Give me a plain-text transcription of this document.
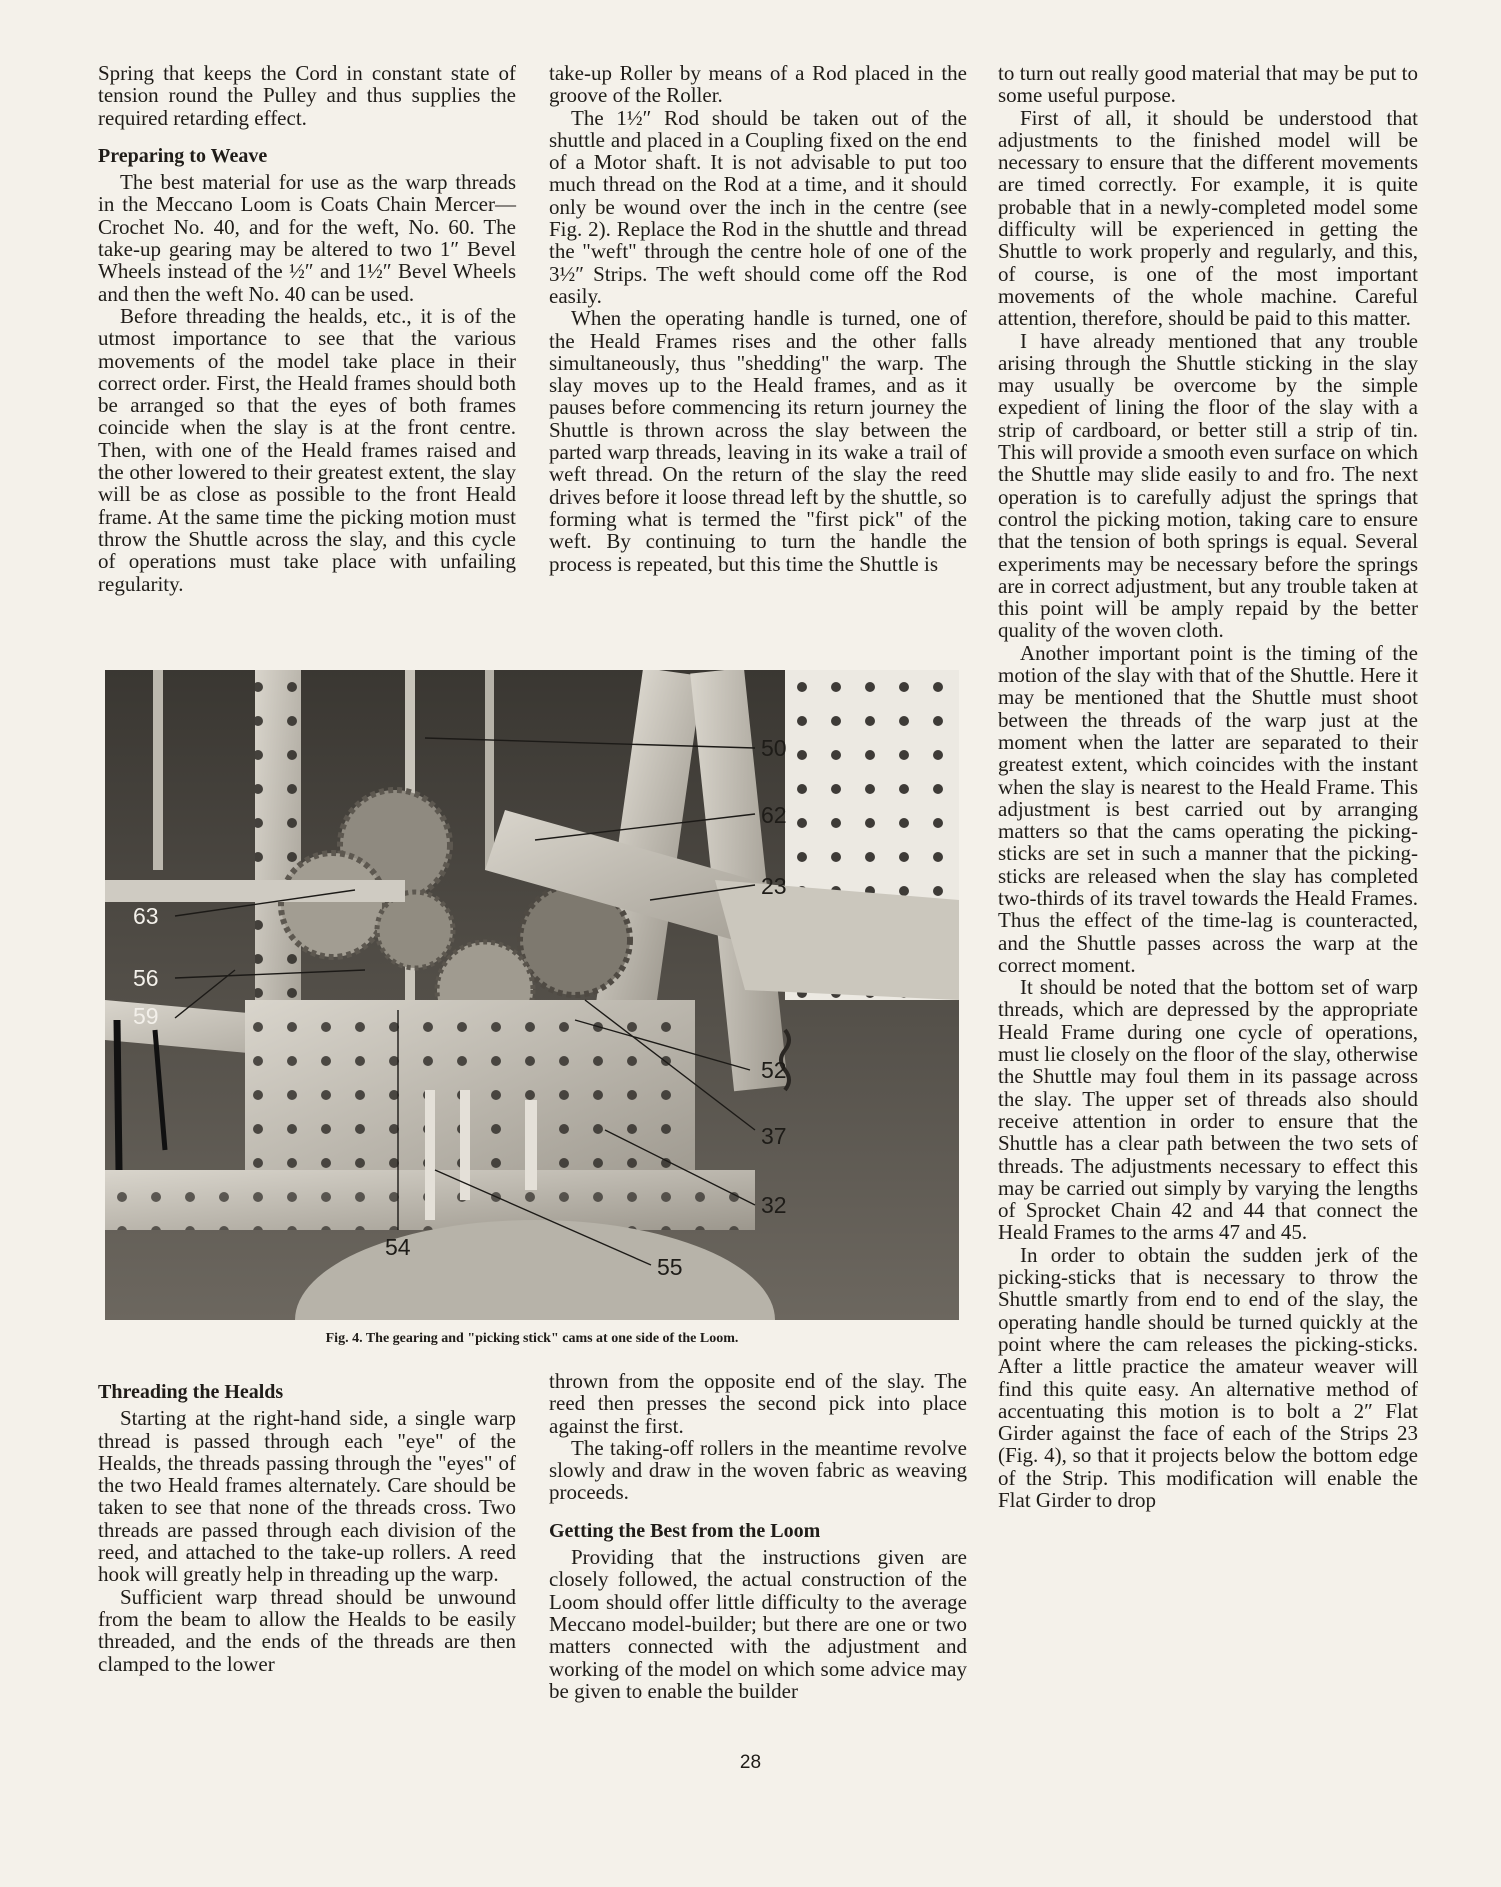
Spring that keeps the Cord in constant state of tension round the Pulley and thus supplies the required retarding effect.

Preparing to Weave

The best material for use as the warp threads in the Meccano Loom is Coats Chain Mercer—Crochet No. 40, and for the weft, No. 60. The take-up gearing may be altered to two 1″ Bevel Wheels instead of the ½″ and 1½″ Bevel Wheels and then the weft No. 40 can be used.

Before threading the healds, etc., it is of the utmost importance to see that the various movements of the model take place in their correct order. First, the Heald frames should both be arranged so that the eyes of both frames coincide when the slay is at the front centre. Then, with one of the Heald frames raised and the other lowered to their greatest extent, the slay will be as close as possible to the front Heald frame. At the same time the picking motion must throw the Shuttle across the slay, and this cycle of operations must take place with unfailing regularity.

take-up Roller by means of a Rod placed in the groove of the Roller.

The 1½″ Rod should be taken out of the shuttle and placed in a Coupling fixed on the end of a Motor shaft. It is not advisable to put too much thread on the Rod at a time, and it should only be wound over the inch in the centre (see Fig. 2). Replace the Rod in the shuttle and thread the "weft" through the centre hole of one of the 3½″ Strips. The weft should come off the Rod easily.

When the operating handle is turned, one of the Heald Frames rises and the other falls simultaneously, thus "shedding" the warp. The slay moves up to the Heald frames, and as it pauses before commencing its return journey the Shuttle is thrown across the slay between the parted warp threads, leaving in its wake a trail of weft thread. On the return of the slay the reed drives before it loose thread left by the shuttle, so forming what is termed the "first pick" of the weft. By continuing to turn the handle the process is repeated, but this time the Shuttle is

to turn out really good material that may be put to some useful purpose.

First of all, it should be understood that adjustments to the finished model will be necessary to ensure that the different movements are timed correctly. For example, it is quite probable that in a newly-completed model some difficulty will be experienced in getting the Shuttle to work properly and regularly, and this, of course, is one of the most important movements of the whole machine. Careful attention, therefore, should be paid to this matter.

I have already mentioned that any trouble arising through the Shuttle sticking in the slay may usually be overcome by the simple expedient of lining the floor of the slay with a strip of cardboard, or better still a strip of tin. This will provide a smooth even surface on which the Shuttle may slide easily to and fro. The next operation is to carefully adjust the springs that control the picking motion, taking care to ensure that the tension of both springs is equal. Several experiments may be necessary before the springs are in correct adjustment, but any trouble taken at this point will be amply repaid by the better quality of the woven cloth.

Another important point is the timing of the motion of the slay with that of the Shuttle. Here it may be mentioned that the Shuttle must shoot between the threads of the warp just at the moment when the latter are separated to their greatest extent, which coincides with the instant when the slay is nearest to the Heald Frame. This adjustment is best carried out by arranging matters so that the cams operating the picking-sticks are set in such a manner that the picking-sticks are released when the slay has completed two-thirds of its travel towards the Heald Frames. Thus the effect of the time-lag is counteracted, and the Shuttle passes across the warp at the correct moment.

It should be noted that the bottom set of warp threads, which are depressed by the appropriate Heald Frame during one cycle of operations, must lie closely on the floor of the slay, otherwise the Shuttle may foul them in its passage across the slay. The upper set of threads also should receive attention in order to ensure that the Shuttle has a clear path between the two sets of threads. The adjustments necessary to effect this may be carried out simply by varying the lengths of Sprocket Chain 42 and 44 that connect the Heald Frames to the arms 47 and 45.

In order to obtain the sudden jerk of the picking-sticks that is necessary to throw the Shuttle smartly from end to end of the slay, the operating handle should be turned quickly at the point where the cam releases the picking-sticks. After a little practice the amateur weaver will find this quite easy. An alternative method of accentuating this motion is to bolt a 2″ Flat Girder against the face of each of the Strips 23 (Fig. 4), so that it projects below the bottom edge of the Strip. This modification will enable the Flat Girder to drop

50
62
23
63
56
59
52
37
32
54
55
Fig. 4. The gearing and "picking stick" cams at one side of the Loom.
Threading the Healds

Starting at the right-hand side, a single warp thread is passed through each "eye" of the Healds, the threads passing through the "eyes" of the two Heald frames alternately. Care should be taken to see that none of the threads cross. Two threads are passed through each division of the reed, and attached to the take-up rollers. A reed hook will greatly help in threading up the warp.

Sufficient warp thread should be unwound from the beam to allow the Healds to be easily threaded, and the ends of the threads are then clamped to the lower

thrown from the opposite end of the slay. The reed then presses the second pick into place against the first.

The taking-off rollers in the meantime revolve slowly and draw in the woven fabric as weaving proceeds.

Getting the Best from the Loom

Providing that the instructions given are closely followed, the actual construction of the Loom should offer little difficulty to the average Meccano model-builder; but there are one or two matters connected with the adjustment and working of the model on which some advice may be given to enable the builder

28
